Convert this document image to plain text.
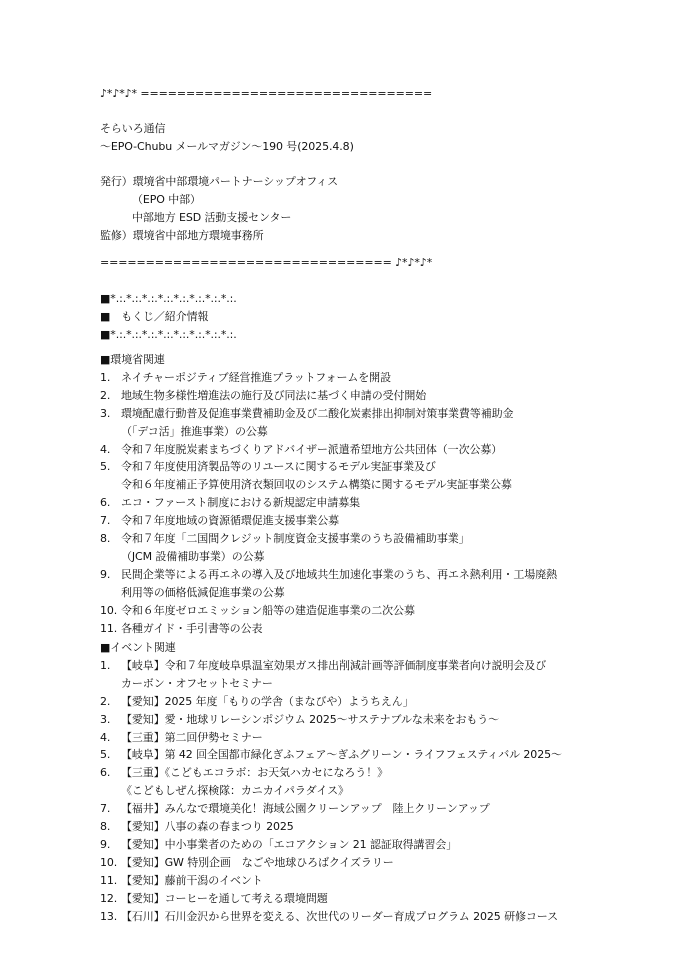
♪*♪*♪* ================================
そらいろ通信
～EPO-Chubu メールマガジン～190 号(2025.4.8)
発行）環境省中部環境パートナーシップオフィス
（EPO 中部）
中部地方 ESD 活動支援センター
監修）環境省中部地方環境事務所
================================ ♪*♪*♪*
■*.:.*.:.*.:.*.:.*.:.*.:.*.:.*.:.
■　もくじ／紹介情報
■*.:.*.:.*.:.*.:.*.:.*.:.*.:.*.:.
■環境省関連
1. ネイチャーポジティブ経営推進プラットフォームを開設
2. 地域生物多様性増進法の施行及び同法に基づく申請の受付開始
3. 環境配慮行動普及促進事業費補助金及び二酸化炭素排出抑制対策事業費等補助金
（「デコ活」推進事業）の公募
4. 令和７年度脱炭素まちづくりアドバイザー派遣希望地方公共団体（一次公募）
5. 令和７年度使用済製品等のリユースに関するモデル実証事業及び
令和６年度補正予算使用済衣類回収のシステム構築に関するモデル実証事業公募
6. エコ・ファースト制度における新規認定申請募集
7. 令和７年度地域の資源循環促進支援事業公募
8. 令和７年度「二国間クレジット制度資金支援事業のうち設備補助事業」
（JCM 設備補助事業）の公募
9. 民間企業等による再エネの導入及び地域共生加速化事業のうち、再エネ熱利用・工場廃熱
利用等の価格低減促進事業の公募
10. 令和６年度ゼロエミッション船等の建造促進事業の二次公募
11. 各種ガイド・手引書等の公表
■イベント関連
1. 【岐阜】令和７年度岐阜県温室効果ガス排出削減計画等評価制度事業者向け説明会及び
カーボン・オフセットセミナー
2. 【愛知】2025 年度「もりの学舎（まなびや）ようちえん」
3. 【愛知】愛・地球リレーシンポジウム 2025～サステナブルな未来をおもう～
4. 【三重】第二回伊勢セミナー
5. 【岐阜】第 42 回全国都市緑化ぎふフェア～ぎふグリーン・ライフフェスティバル 2025～
6. 【三重】《こどもエコラボ：お天気ハカセになろう！》
《こどもしぜん探検隊：カニカイパラダイス》
7. 【福井】みんなで環境美化！海域公園クリーンアップ　陸上クリーンアップ
8. 【愛知】八事の森の春まつり 2025
9. 【愛知】中小事業者のための「エコアクション 21 認証取得講習会」
10. 【愛知】GW 特別企画　なごや地球ひろばクイズラリー
11. 【愛知】藤前干潟のイベント
12. 【愛知】コーヒーを通して考える環境問題
13. 【石川】石川金沢から世界を変える、次世代のリーダー育成プログラム 2025 研修コース
